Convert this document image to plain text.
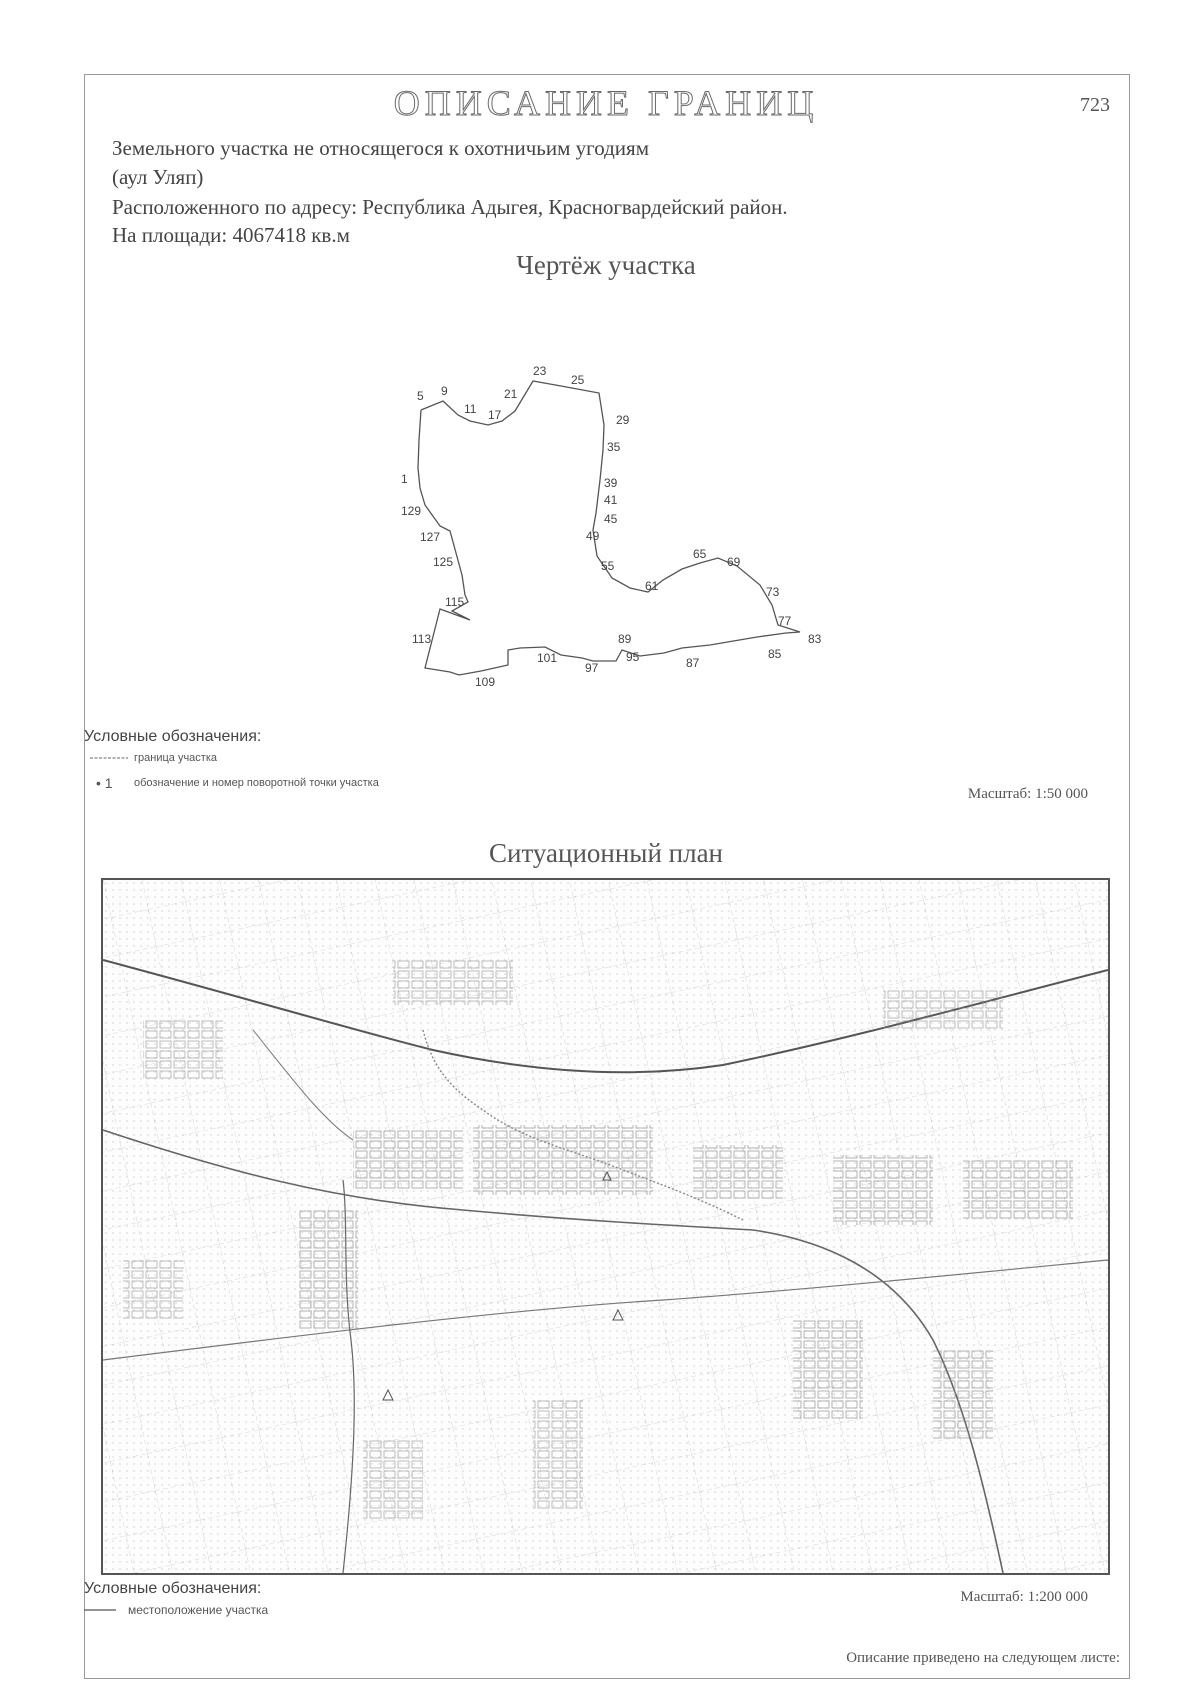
ОПИСАНИЕ ГРАНИЦ	723
Земельного участка не относящегося к охотничьим угодиям
(аул Уляп)
Расположенного по адресу: Республика Адыгея, Красногвардейский район.
На площади: 4067418 кв.м
Чертёж участка
23
25
5 9	21
11 17	29
35
1	39
41
45
49
129
127
125	55
65
69
61	73
115
77
89	83
113
101	95	85
97	87
109
Условные обозначения:
граница участка
• 1 обозначение и номер поворотной точки участка
Масштаб: 1:50 000
Ситуационный план
Условные обозначения:
местоположение участка
Масштаб: 1:200 000
Описание приведено на следующем листе:
